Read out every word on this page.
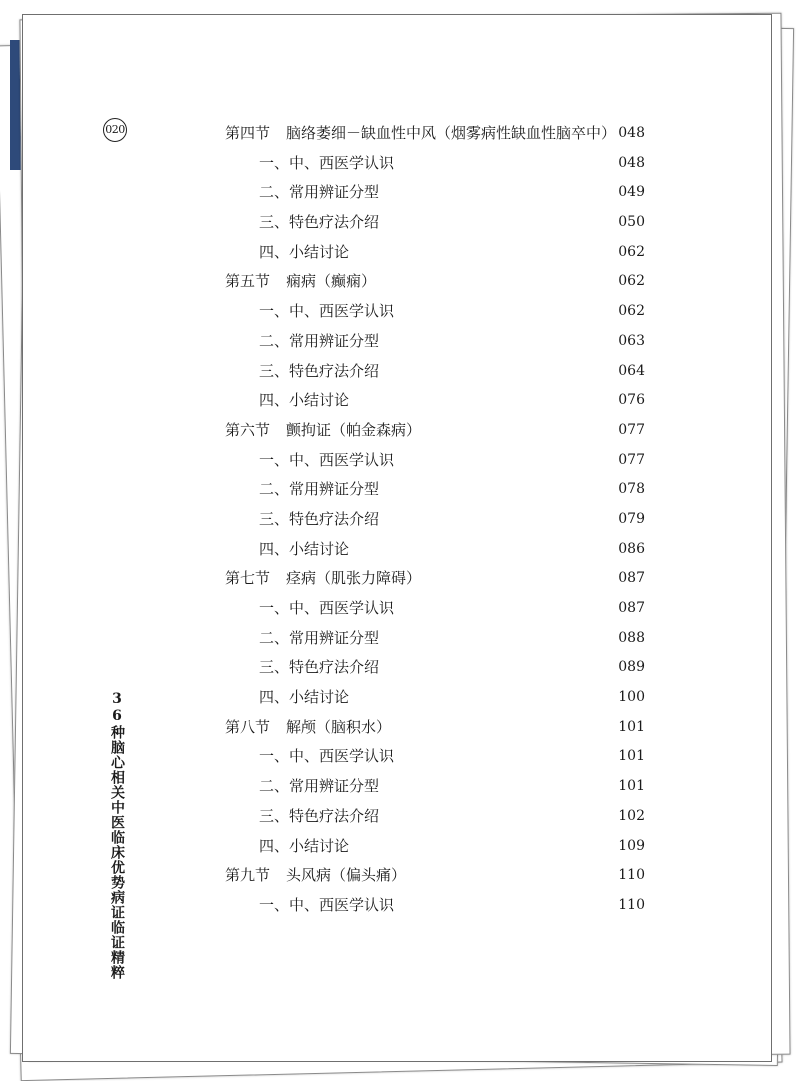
020
36种脑心相关中医临床优势病证临证精粹
第四节 脑络萎细－缺血性中风（烟雾病性缺血性脑卒中） 048
一、中、西医学认识	048
二、常用辨证分型	049
三、特色疗法介绍	050
四、小结讨论	062
第五节 痫病（癫痫）	062
一、中、西医学认识	062
二、常用辨证分型	063
三、特色疗法介绍	064
四、小结讨论	076
第六节 颤拘证（帕金森病）	077
一、中、西医学认识	077
二、常用辨证分型	078
三、特色疗法介绍	079
四、小结讨论	086
第七节 痉病（肌张力障碍）	087
一、中、西医学认识	087
二、常用辨证分型	088
三、特色疗法介绍	089
四、小结讨论	100
第八节 解颅（脑积水）	101
一、中、西医学认识	101
二、常用辨证分型	101
三、特色疗法介绍	102
四、小结讨论	109
第九节 头风病（偏头痛）	110
一、中、西医学认识	110
